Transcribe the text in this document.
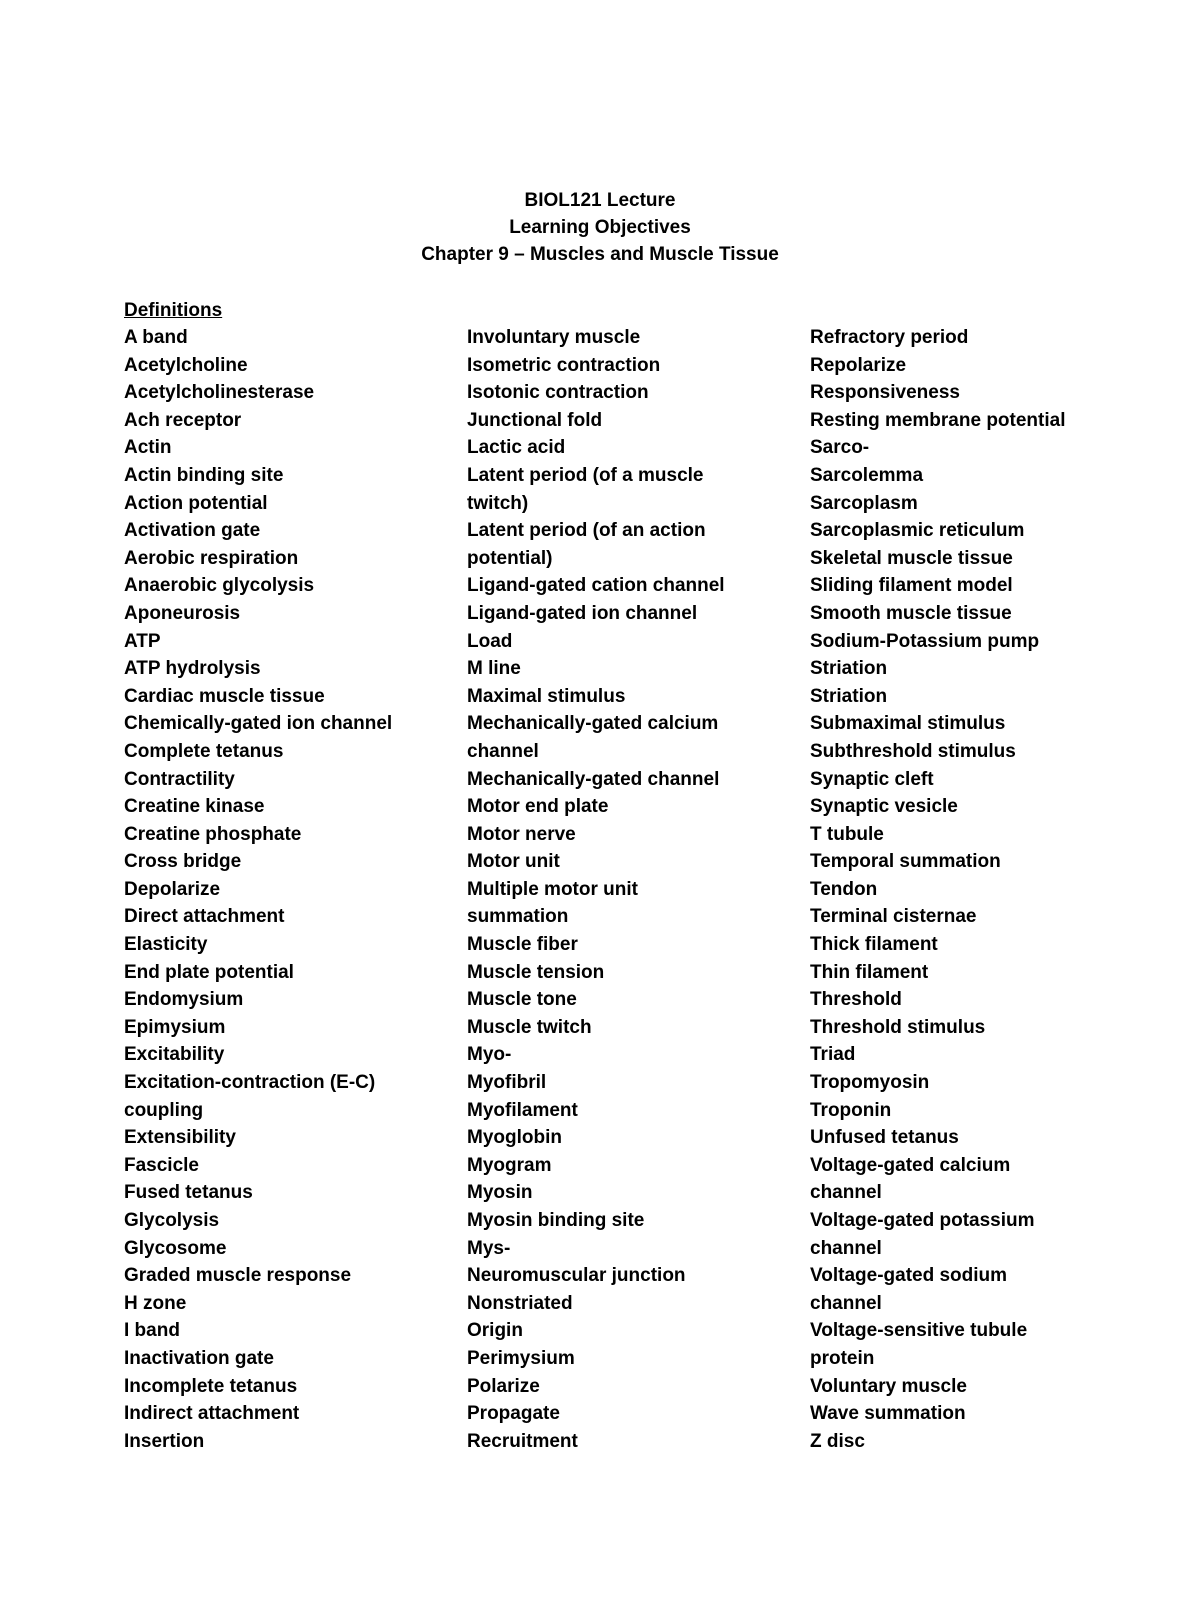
BIOL121 Lecture
Learning Objectives
Chapter 9 – Muscles and Muscle Tissue
Definitions
A band
Acetylcholine
Acetylcholinesterase
Ach receptor
Actin
Actin binding site
Action potential
Activation gate
Aerobic respiration
Anaerobic glycolysis
Aponeurosis
ATP
ATP hydrolysis
Cardiac muscle tissue
Chemically-gated ion channel
Complete tetanus
Contractility
Creatine kinase
Creatine phosphate
Cross bridge
Depolarize
Direct attachment
Elasticity
End plate potential
Endomysium
Epimysium
Excitability
Excitation-contraction (E-C)
coupling
Extensibility
Fascicle
Fused tetanus
Glycolysis
Glycosome
Graded muscle response
H zone
I band
Inactivation gate
Incomplete tetanus
Indirect attachment
Insertion
Involuntary muscle
Isometric contraction
Isotonic contraction
Junctional fold
Lactic acid
Latent period (of a muscle
twitch)
Latent period (of an action
potential)
Ligand-gated cation channel
Ligand-gated ion channel
Load
M line
Maximal stimulus
Mechanically-gated calcium
channel
Mechanically-gated channel
Motor end plate
Motor nerve
Motor unit
Multiple motor unit
summation
Muscle fiber
Muscle tension
Muscle tone
Muscle twitch
Myo-
Myofibril
Myofilament
Myoglobin
Myogram
Myosin
Myosin binding site
Mys-
Neuromuscular junction
Nonstriated
Origin
Perimysium
Polarize
Propagate
Recruitment
Refractory period
Repolarize
Responsiveness
Resting membrane potential
Sarco-
Sarcolemma
Sarcoplasm
Sarcoplasmic reticulum
Skeletal muscle tissue
Sliding filament model
Smooth muscle tissue
Sodium-Potassium pump
Striation
Striation
Submaximal stimulus
Subthreshold stimulus
Synaptic cleft
Synaptic vesicle
T tubule
Temporal summation
Tendon
Terminal cisternae
Thick filament
Thin filament
Threshold
Threshold stimulus
Triad
Tropomyosin
Troponin
Unfused tetanus
Voltage-gated calcium
channel
Voltage-gated potassium
channel
Voltage-gated sodium
channel
Voltage-sensitive tubule
protein
Voluntary muscle
Wave summation
Z disc
